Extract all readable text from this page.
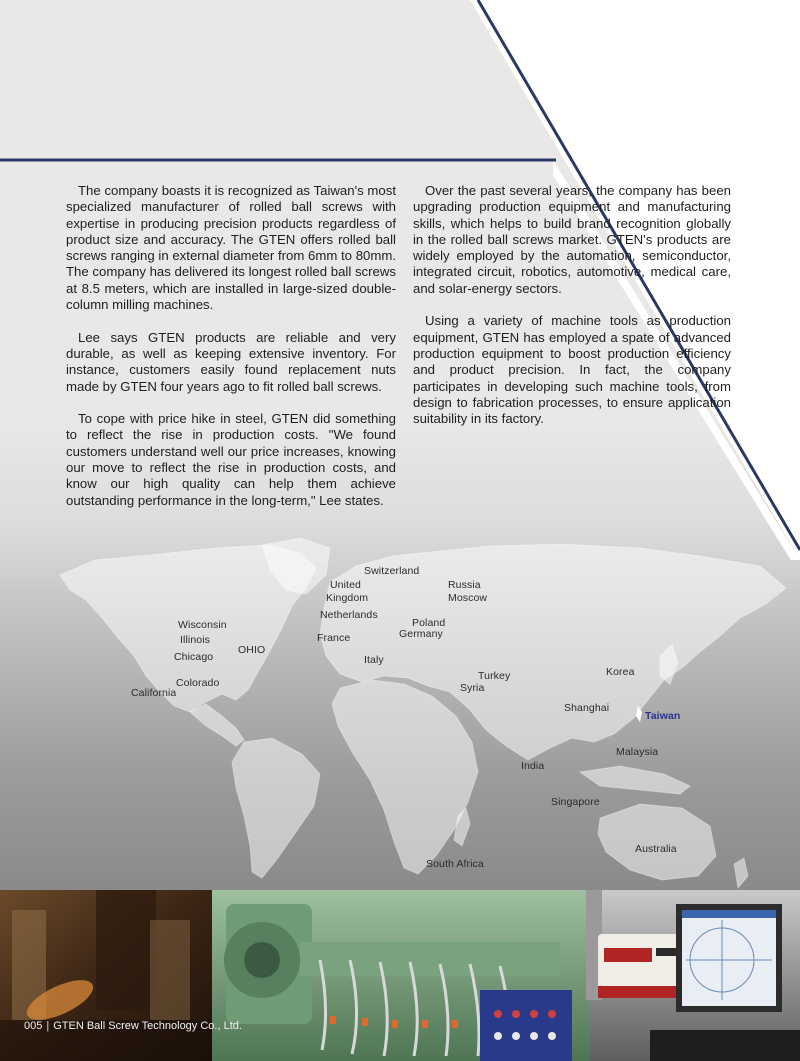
The company boasts it is recognized as Taiwan's most specialized manufacturer of rolled ball screws with expertise in producing precision products regardless of product size and accuracy. The GTEN offers rolled ball screws ranging in external diameter from 6mm to 80mm. The company has delivered its longest rolled ball screws at 8.5 meters, which are installed in large-sized double-column milling machines.

Lee says GTEN products are reliable and very durable, as well as keeping extensive inventory. For instance, customers easily found replacement nuts made by GTEN four years ago to fit rolled ball screws.

To cope with price hike in steel, GTEN did something to reflect the rise in production costs. "We found customers understand well our price increases, knowing our move to reflect the rise in production costs, and know our high quality can help them achieve outstanding performance in the long-term," Lee states.

Over the past several years, the company has been upgrading production equipment and manufacturing skills, which helps to build brand recognition globally in the rolled ball screws market. GTEN's products are widely employed by the automation, semiconductor, integrated circuit, robotics, automotive, medical care, and solar-energy sectors.

Using a variety of machine tools as production equipment, GTEN has employed a spate of advanced production equipment to boost production efficiency and product precision. In fact, the company participates in developing such machine tools, from design to fabrication processes, to ensure application suitability in its factory.

Switzerland
United
Kingdom
Russia
Moscow
Netherlands
Poland
Germany
France
Wisconsin
Illinois
OHIO
Chicago	Italy
Turkey
Syria
Korea
Colorado
California
Shanghai
Taiwan
Malaysia
India
Singapore
Australia
South Africa
005 | GTEN Ball Screw Technology Co., Ltd.
